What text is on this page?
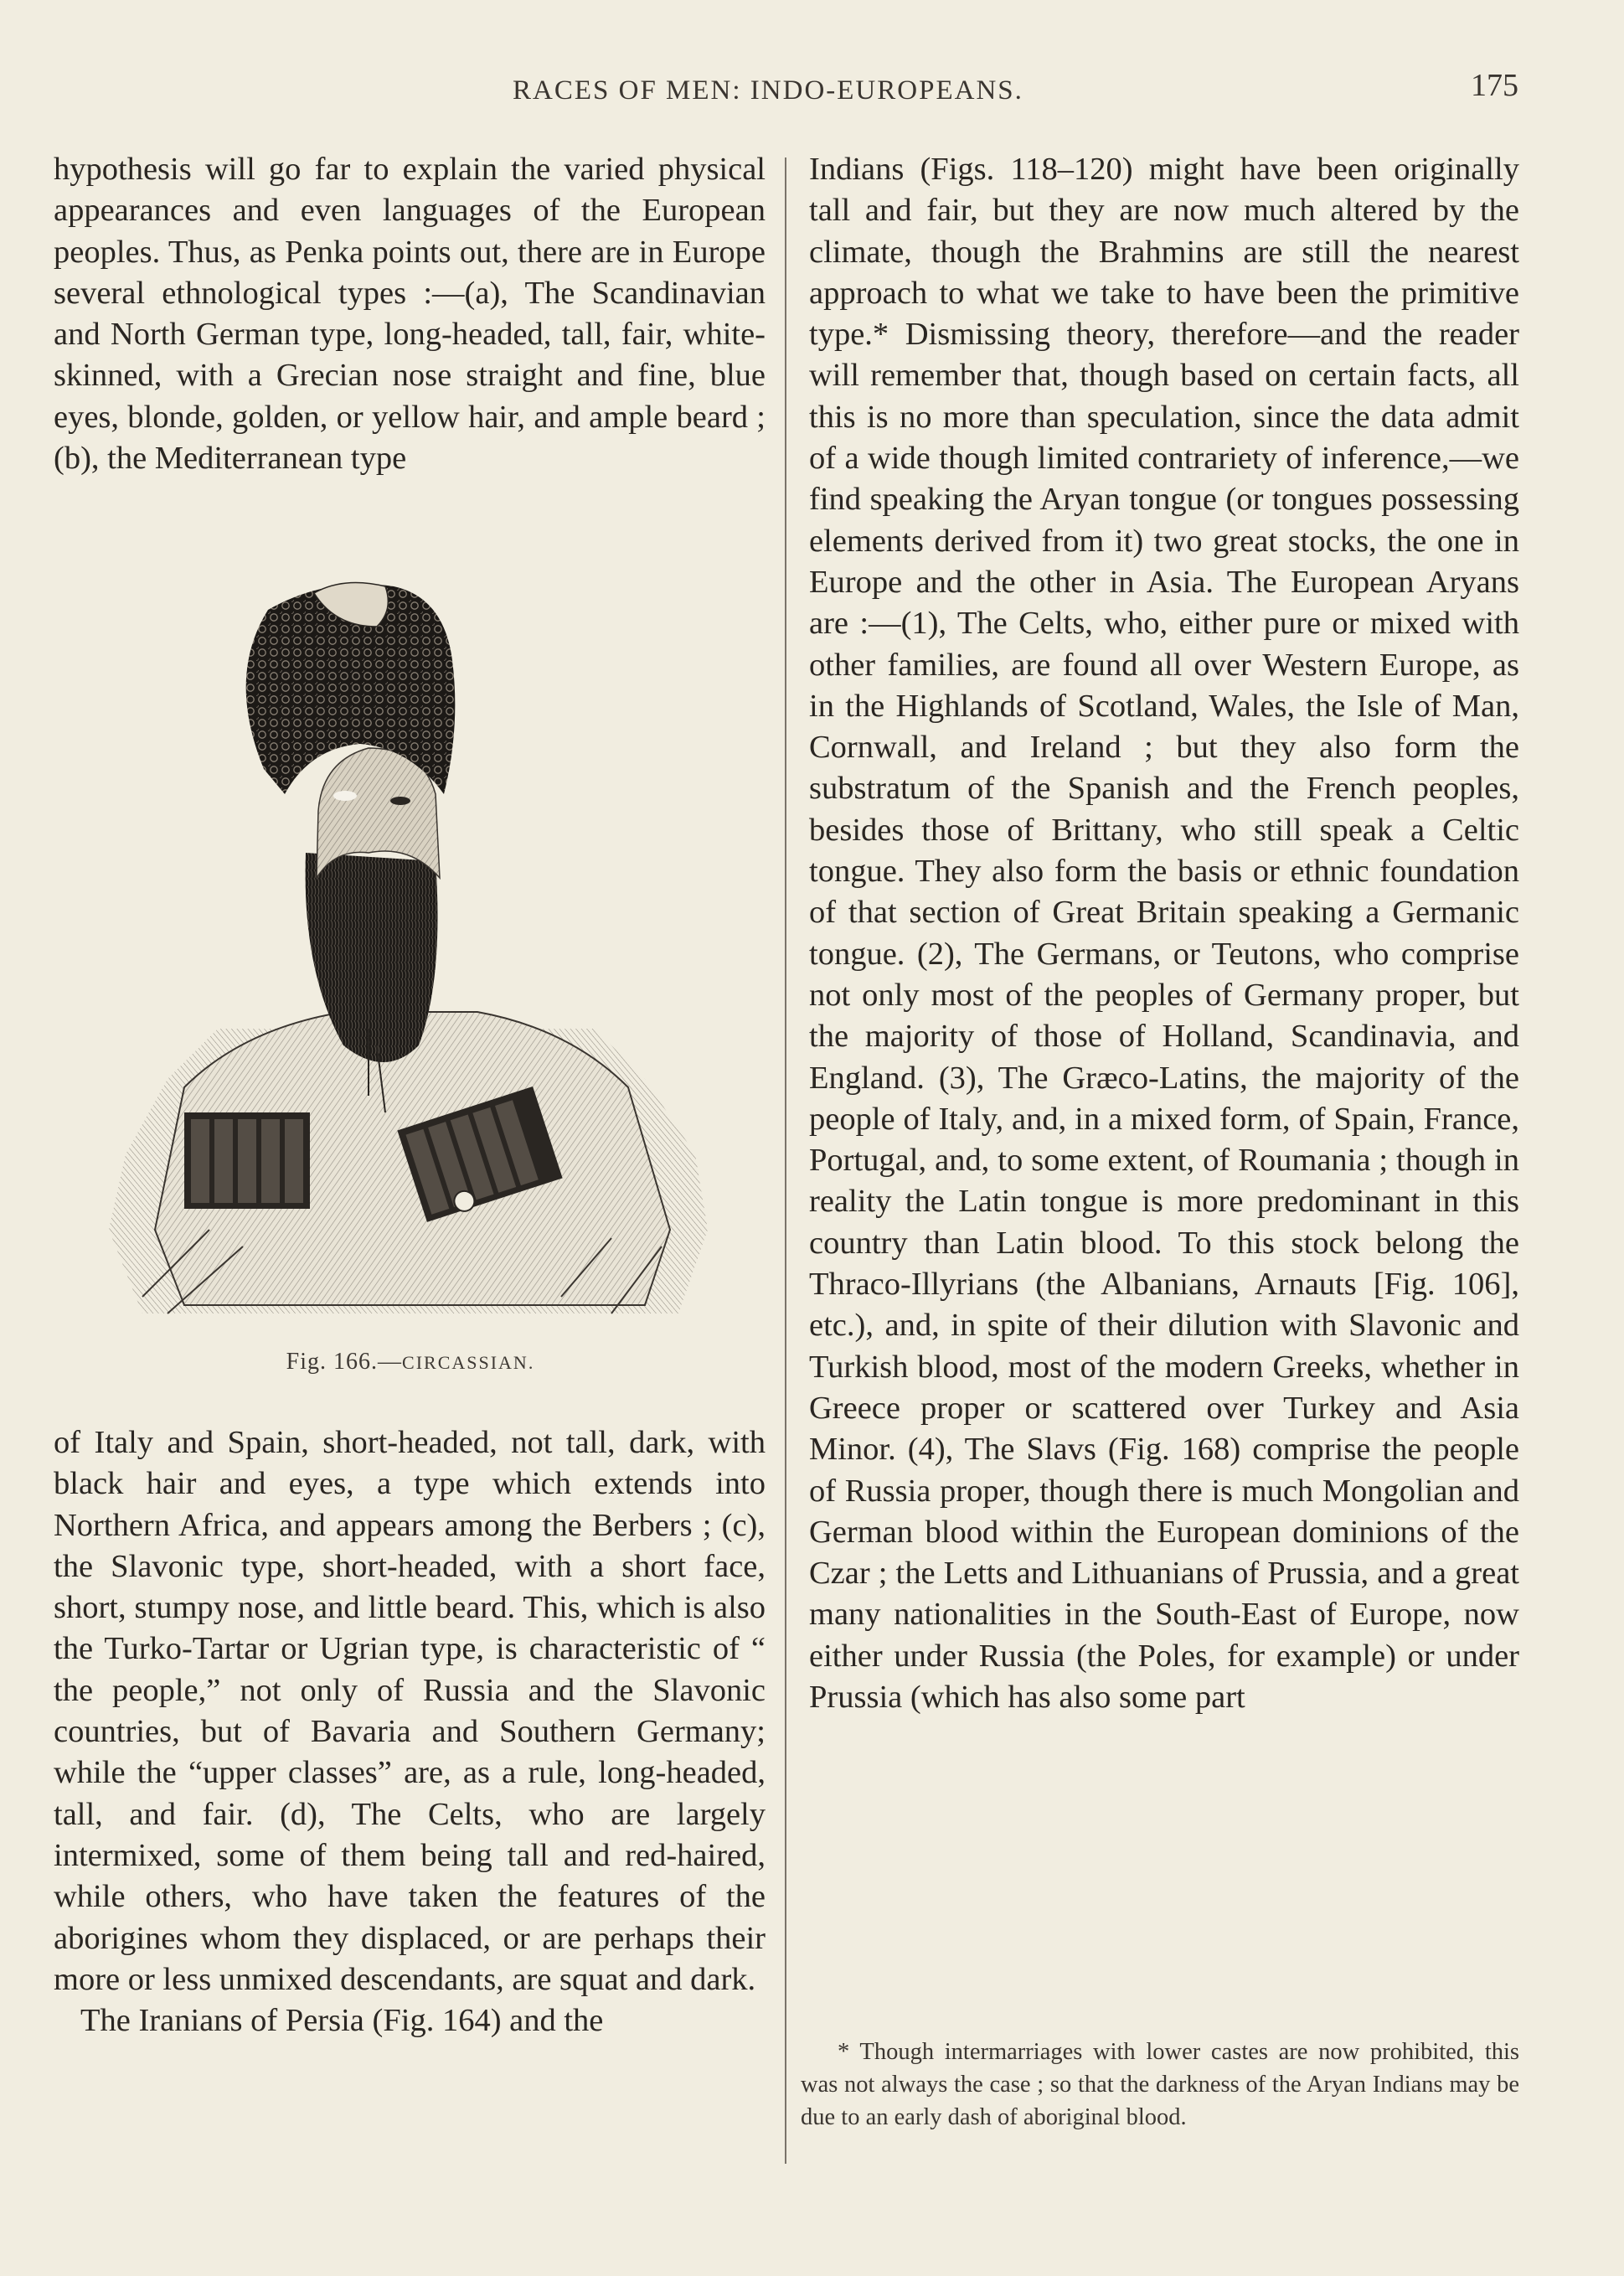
RACES OF MEN: INDO-EUROPEANS.	175

hypothesis will go far to explain the varied physical appearances and even languages of the European peoples. Thus, as Penka points out, there are in Europe several ethnological types :—(a), The Scandinavian and North German type, long-headed, tall, fair, white-skinned, with a Grecian nose straight and fine, blue eyes, blonde, golden, or yellow hair, and ample beard ; (b), the Mediterranean type

Fig. 166.—CIRCASSIAN.

of Italy and Spain, short-headed, not tall, dark, with black hair and eyes, a type which extends into Northern Africa, and appears among the Berbers ; (c), the Slavonic type, short-headed, with a short face, short, stumpy nose, and little beard. This, which is also the Turko-Tartar or Ugrian type, is characteristic of “ the people,” not only of Russia and the Slavonic countries, but of Bavaria and Southern Germany; while the “upper classes” are, as a rule, long-headed, tall, and fair. (d), The Celts, who are largely intermixed, some of them being tall and red-haired, while others, who have taken the features of the aborigines whom they displaced, or are perhaps their more or less unmixed descendants, are squat and dark.

The Iranians of Persia (Fig. 164) and the

Indians (Figs. 118–120) might have been originally tall and fair, but they are now much altered by the climate, though the Brahmins are still the nearest approach to what we take to have been the primitive type.* Dismissing theory, therefore—and the reader will remember that, though based on certain facts, all this is no more than speculation, since the data admit of a wide though limited contrariety of inference,—we find speaking the Aryan tongue (or tongues possessing elements derived from it) two great stocks, the one in Europe and the other in Asia. The European Aryans are :—(1), The Celts, who, either pure or mixed with other families, are found all over Western Europe, as in the Highlands of Scotland, Wales, the Isle of Man, Cornwall, and Ireland ; but they also form the substratum of the Spanish and the French peoples, besides those of Brittany, who still speak a Celtic tongue. They also form the basis or ethnic foundation of that section of Great Britain speaking a Germanic tongue. (2), The Germans, or Teutons, who comprise not only most of the peoples of Germany proper, but the majority of those of Holland, Scandinavia, and England. (3), The Græco-Latins, the majority of the people of Italy, and, in a mixed form, of Spain, France, Portugal, and, to some extent, of Roumania ; though in reality the Latin tongue is more predominant in this country than Latin blood. To this stock belong the Thraco-Illyrians (the Albanians, Arnauts [Fig. 106], etc.), and, in spite of their dilution with Slavonic and Turkish blood, most of the modern Greeks, whether in Greece proper or scattered over Turkey and Asia Minor. (4), The Slavs (Fig. 168) comprise the people of Russia proper, though there is much Mongolian and German blood within the European dominions of the Czar ; the Letts and Lithuanians of Prussia, and a great many nationalities in the South-East of Europe, now either under Russia (the Poles, for example) or under Prussia (which has also some part

* Though intermarriages with lower castes are now prohibited, this was not always the case ; so that the darkness of the Aryan Indians may be due to an early dash of aboriginal blood.
